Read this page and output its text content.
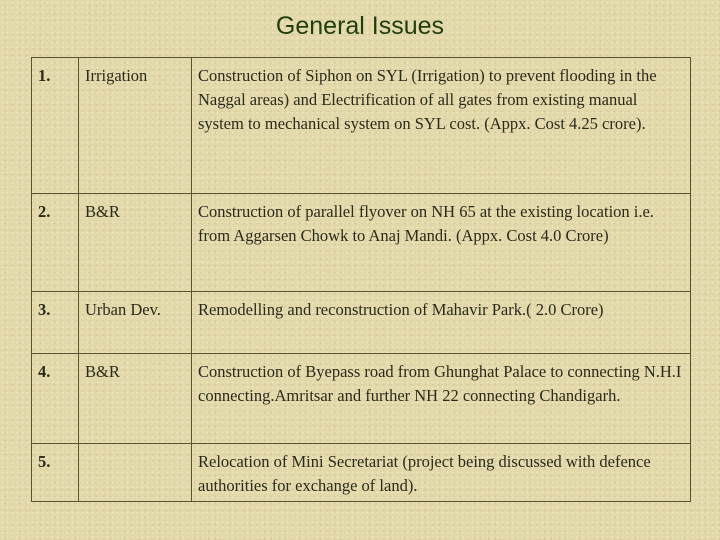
General Issues
1.	Irrigation	Construction of Siphon on SYL (Irrigation) to prevent flooding in the Naggal areas) and Electrification of all gates from existing manual system to mechanical system on SYL cost. (Appx. Cost 4.25 crore).
2.	B&R	Construction of parallel flyover on NH 65 at the existing location i.e. from Aggarsen Chowk to Anaj Mandi. (Appx. Cost 4.0 Crore)
3.	Urban Dev.	Remodelling and reconstruction of Mahavir Park.( 2.0 Crore)
4.	B&R	Construction of Byepass road from Ghunghat Palace to connecting N.H.I connecting.Amritsar and further NH 22 connecting Chandigarh.
5.		Relocation of Mini Secretariat (project being discussed with defence authorities for exchange of land).
